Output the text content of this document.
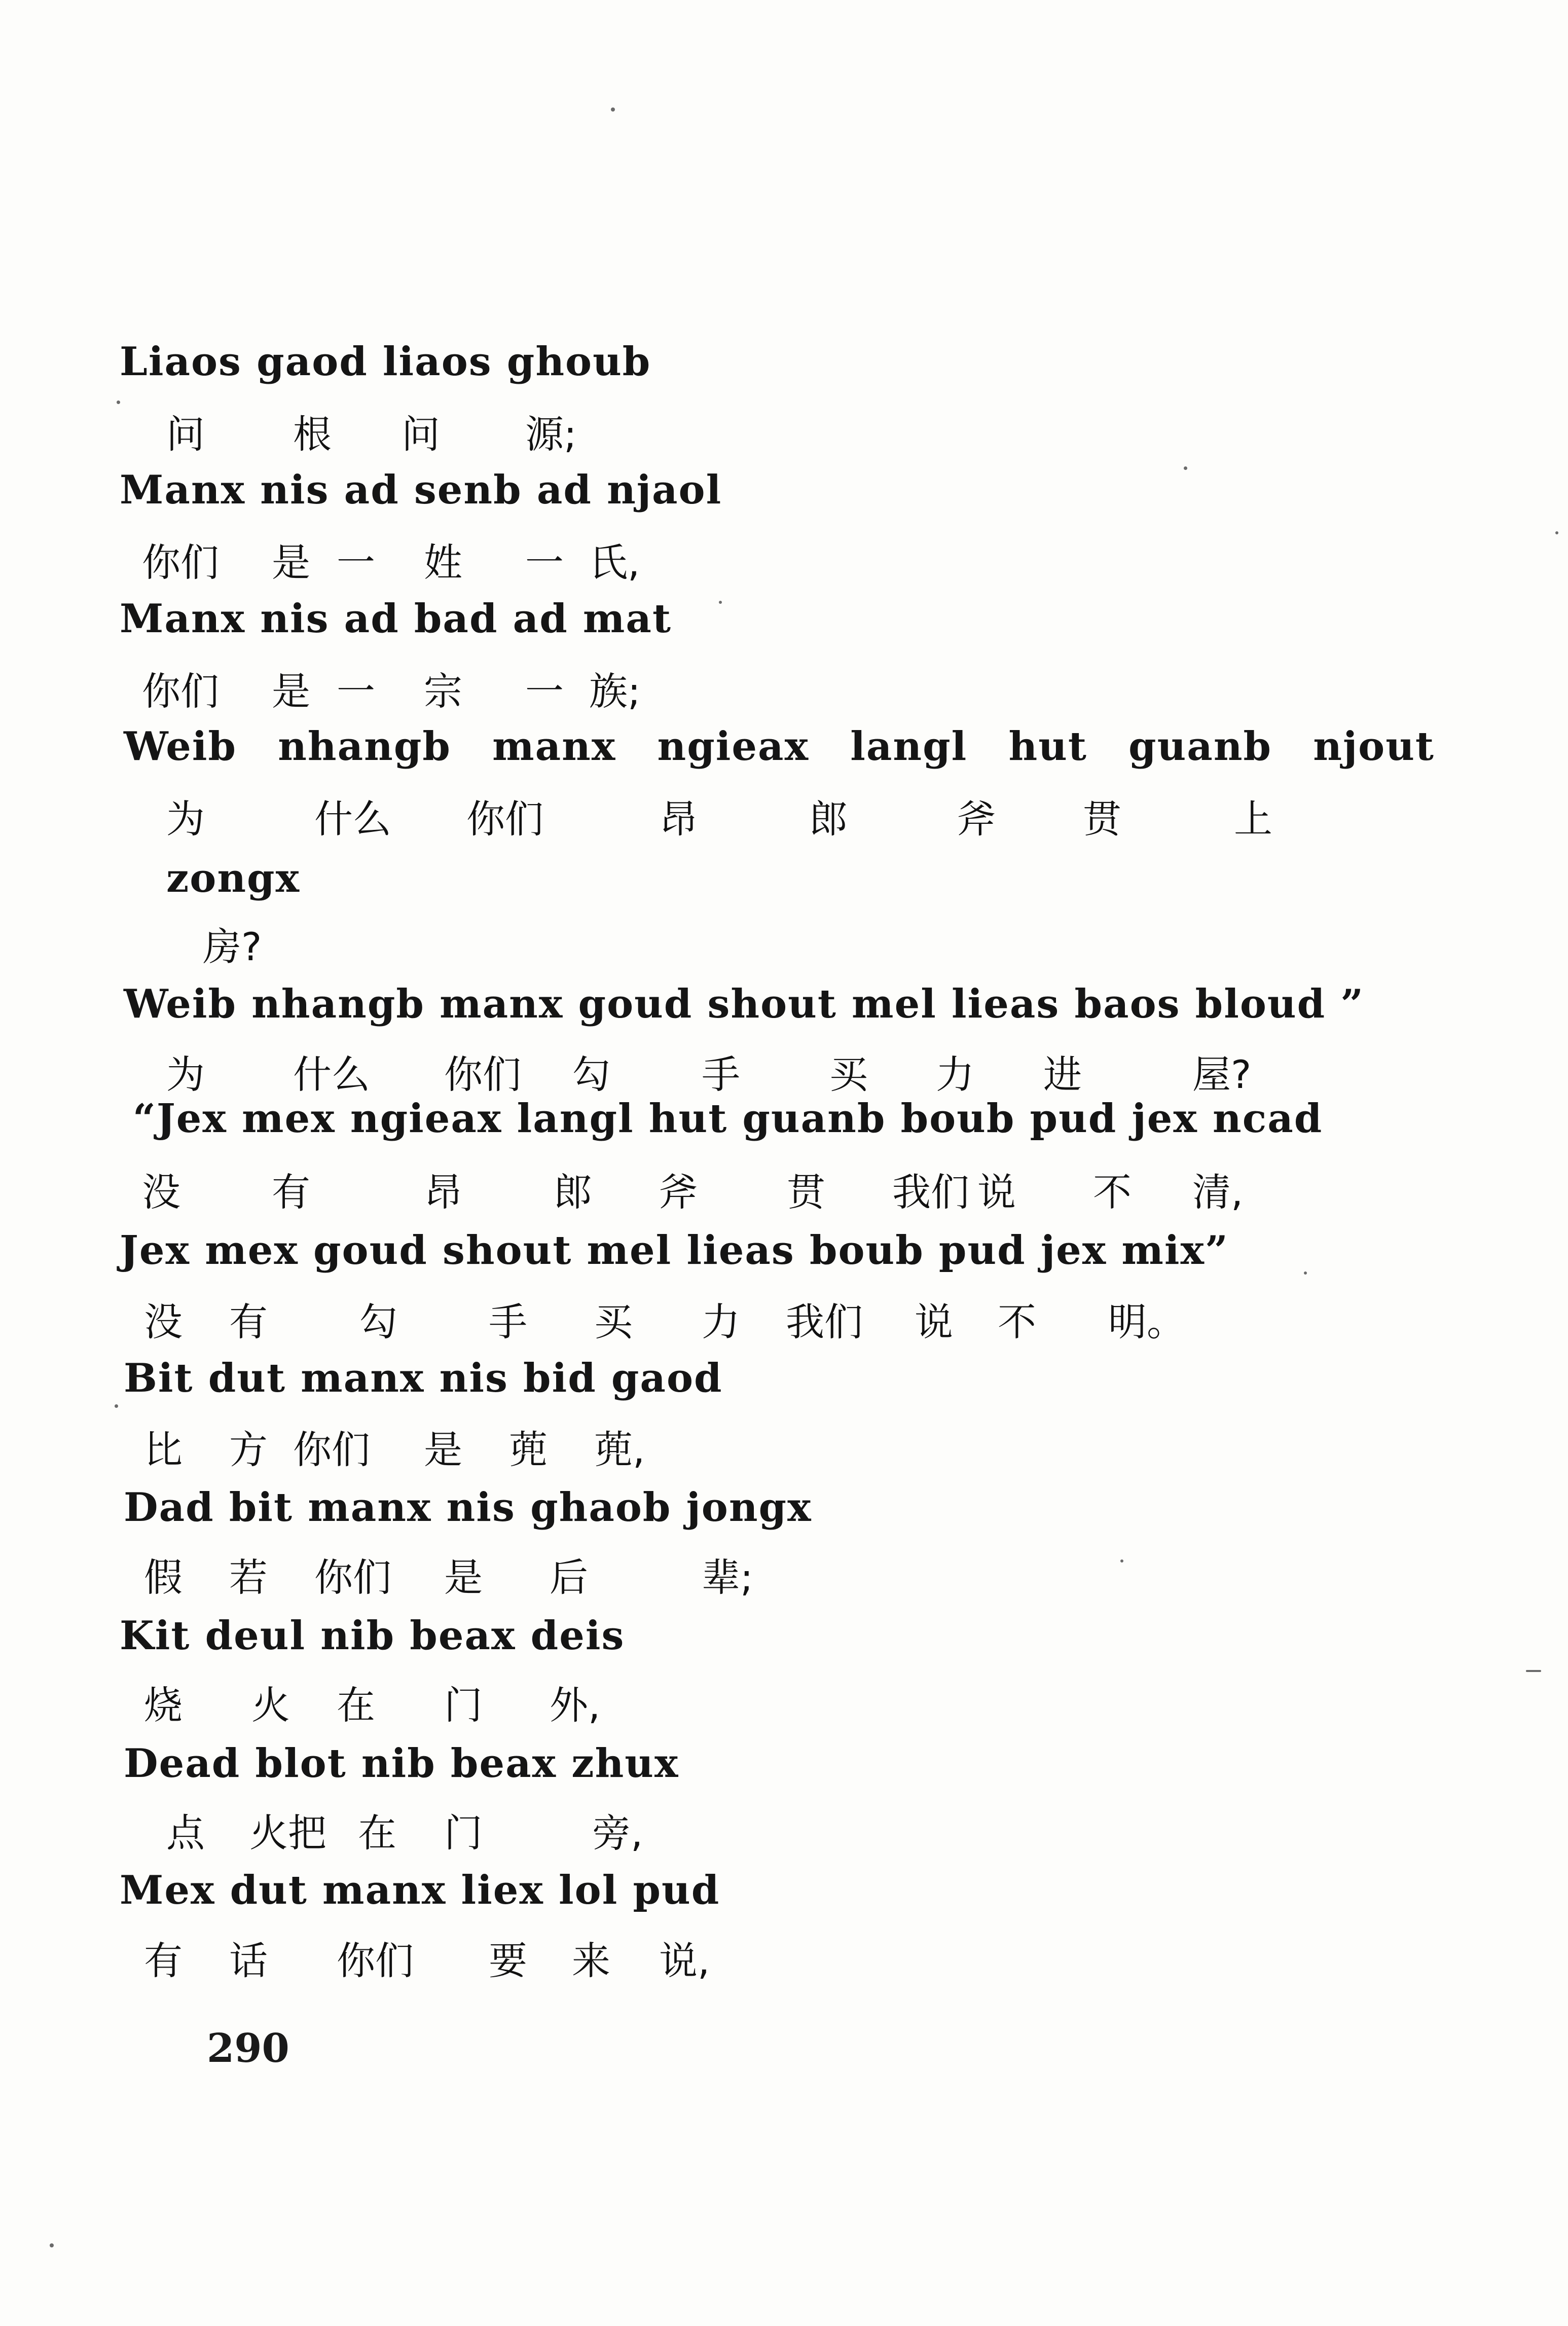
Liaos gaod liaos ghoub
Manx nis ad senb ad njaol
Manx nis ad bad ad mat
Weib nhangb manx ngieax langl hut guanb njout
zongx
Weib nhangb manx goud shout mel lieas baos bloud ”
“Jex mex ngieax langl hut guanb boub pud jex ncad
Jex mex goud shout mel lieas boub pud jex mix”
Bit dut manx nis bid gaod
Dad bit manx nis ghaob jongx
Kit deul nib beax deis
Dead blot nib beax zhux
Mex dut manx liex lol pud
问 根 问 源;
你们 是 一 姓 一 氏,
你们 是 一 宗 一 族;
为	什么 你们	昂	郎	斧 贯	上
房?
为 什么 你们 勾 手 买 力 进	屋?
没 有	昂 郎 斧 贯 我们 说 不 清,
没 有 勾 手 买 力 我们 说 不 明。
比 方 你们 是 蔸 蔸,
假 若 你们 是 后	辈;
烧 火 在 门 外,
点 火把 在 门	旁,
有 话 你们 要 来 说,
290
